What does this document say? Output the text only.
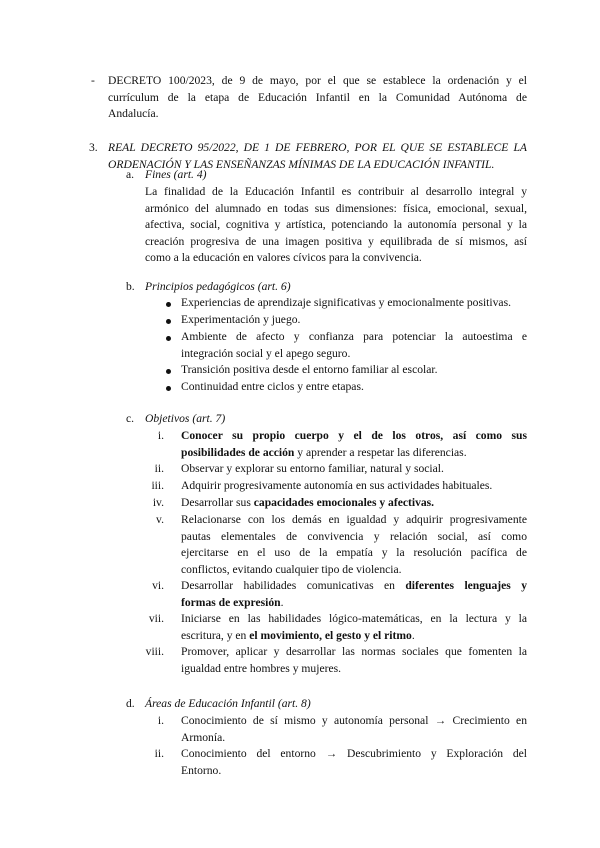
- DECRETO 100/2023, de 9 de mayo, por el que se establece la ordenación y el
currículum de la etapa de Educación Infantil en la Comunidad Autónoma de
Andalucía.
3. REAL DECRETO 95/2022, DE 1 DE FEBRERO, POR EL QUE SE ESTABLECE LA
ORDENACIÓN Y LAS ENSEÑANZAS MÍNIMAS DE LA EDUCACIÓN INFANTIL.
a. Fines (art. 4)
La finalidad de la Educación Infantil es contribuir al desarrollo integral y
armónico del alumnado en todas sus dimensiones: física, emocional, sexual,
afectiva, social, cognitiva y artística, potenciando la autonomía personal y la
creación progresiva de una imagen positiva y equilibrada de sí mismos, así
como a la educación en valores cívicos para la convivencia.
b. Principios pedagógicos (art. 6)
Experiencias de aprendizaje significativas y emocionalmente positivas.
Experimentación y juego.
Ambiente de afecto y confianza para potenciar la autoestima e
integración social y el apego seguro.
Transición positiva desde el entorno familiar al escolar.
Continuidad entre ciclos y entre etapas.
c. Objetivos (art. 7)
i. Conocer su propio cuerpo y el de los otros, así como sus
posibilidades de acción y aprender a respetar las diferencias.
ii. Observar y explorar su entorno familiar, natural y social.
iii. Adquirir progresivamente autonomía en sus actividades habituales.
iv. Desarrollar sus capacidades emocionales y afectivas.
v. Relacionarse con los demás en igualdad y adquirir progresivamente
pautas elementales de convivencia y relación social, así como
ejercitarse en el uso de la empatía y la resolución pacífica de
conflictos, evitando cualquier tipo de violencia.
vi. Desarrollar habilidades comunicativas en diferentes lenguajes y
formas de expresión.
vii. Iniciarse en las habilidades lógico-matemáticas, en la lectura y la
escritura, y en el movimiento, el gesto y el ritmo.
viii. Promover, aplicar y desarrollar las normas sociales que fomenten la
igualdad entre hombres y mujeres.
d. Áreas de Educación Infantil (art. 8)
i. Conocimiento de sí mismo y autonomía personal → Crecimiento en
Armonía.
ii. Conocimiento del entorno → Descubrimiento y Exploración del
Entorno.
